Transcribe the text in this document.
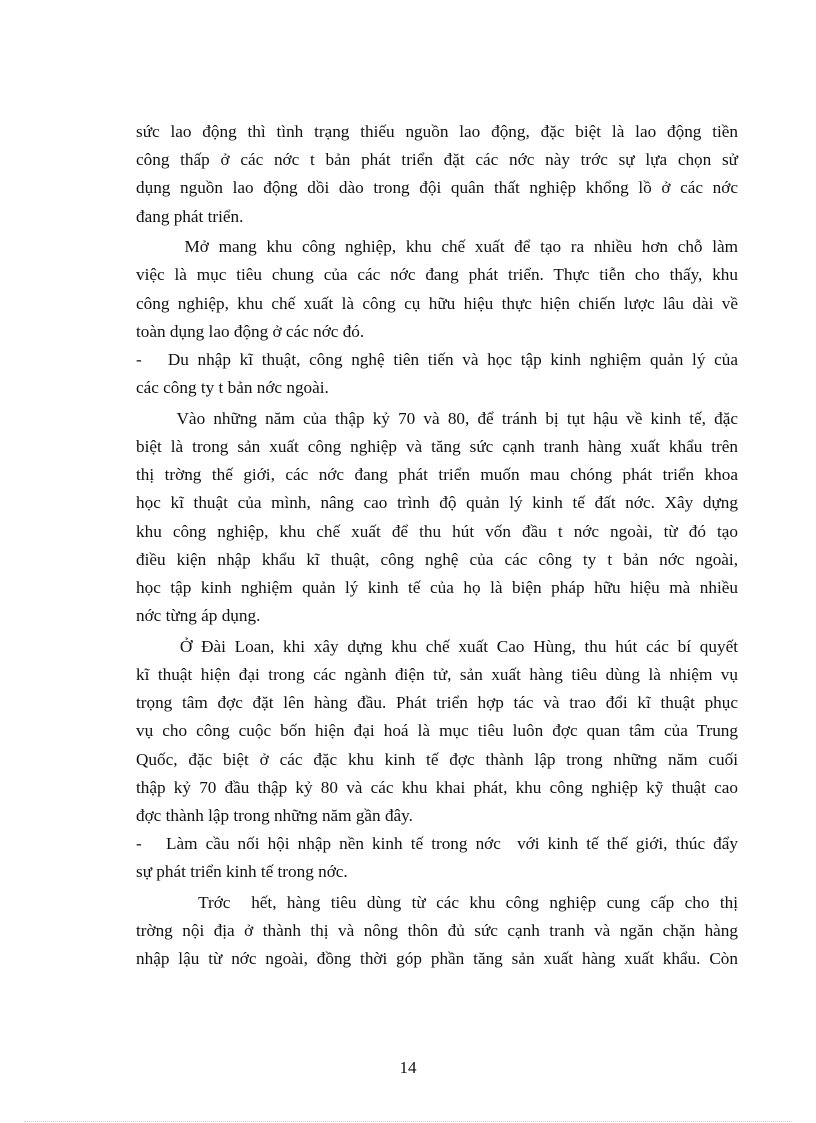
sức lao động thì tình trạng thiếu nguồn lao động, đặc biệt là lao động tiền
công thấp ở các nớc t bản phát triển đặt các nớc này trớc sự lựa chọn sử
dụng nguồn lao động dồi dào trong đội quân thất nghiệp khổng lồ ở các nớc
đang phát triển.
Mở mang khu công nghiệp, khu chế xuất để tạo ra nhiều hơn chỗ làm
việc là mục tiêu chung của các nớc đang phát triển. Thực tiễn cho thấy, khu
công nghiệp, khu chế xuất là công cụ hữu hiệu thực hiện chiến lược lâu dài về
toàn dụng lao động ở các nớc đó.
-   Du nhập kĩ thuật, công nghệ tiên tiến và học tập kinh nghiệm quản lý của
các công ty t bản nớc ngoài.
Vào những năm của thập kỷ 70 và 80, để tránh bị tụt hậu về kinh tế, đặc
biệt là trong sản xuất công nghiệp và tăng sức cạnh tranh hàng xuất khẩu trên
thị trờng thế giới, các nớc đang phát triển muốn mau chóng phát triển khoa
học kĩ thuật của mình, nâng cao trình độ quản lý kinh tế đất nớc. Xây dựng
khu công nghiệp, khu chế xuất để thu hút vốn đầu t nớc ngoài, từ đó tạo
điều kiện nhập khẩu kĩ thuật, công nghệ của các công ty t bản nớc ngoài,
học tập kinh nghiệm quản lý kinh tế của họ là biện pháp hữu hiệu mà nhiều
nớc từng áp dụng.
Ở Đài Loan, khi xây dựng khu chế xuất Cao Hùng, thu hút các bí quyết
kĩ thuật hiện đại trong các ngành điện tử, sản xuất hàng tiêu dùng là nhiệm vụ
trọng tâm đợc đặt lên hàng đầu. Phát triển hợp tác và trao đổi kĩ thuật phục
vụ cho công cuộc bốn hiện đại hoá là mục tiêu luôn đợc quan tâm của Trung
Quốc, đặc biệt ở các đặc khu kinh tế đợc thành lập trong những năm cuối
thập kỷ 70 đầu thập kỷ 80 và các khu khai phát, khu công nghiệp kỹ thuật cao
đợc thành lập trong những năm gần đây.
-   Làm cầu nối hội nhập nền kinh tế trong nớc  với kinh tế thế giới, thúc đẩy
sự phát triển kinh tế trong nớc.
Trớc  hết, hàng tiêu dùng từ các khu công nghiệp cung cấp cho thị
trờng nội địa ở thành thị và nông thôn đủ sức cạnh tranh và ngăn chặn hàng
nhập lậu từ nớc ngoài, đồng thời góp phần tăng sản xuất hàng xuất khẩu. Còn
14
